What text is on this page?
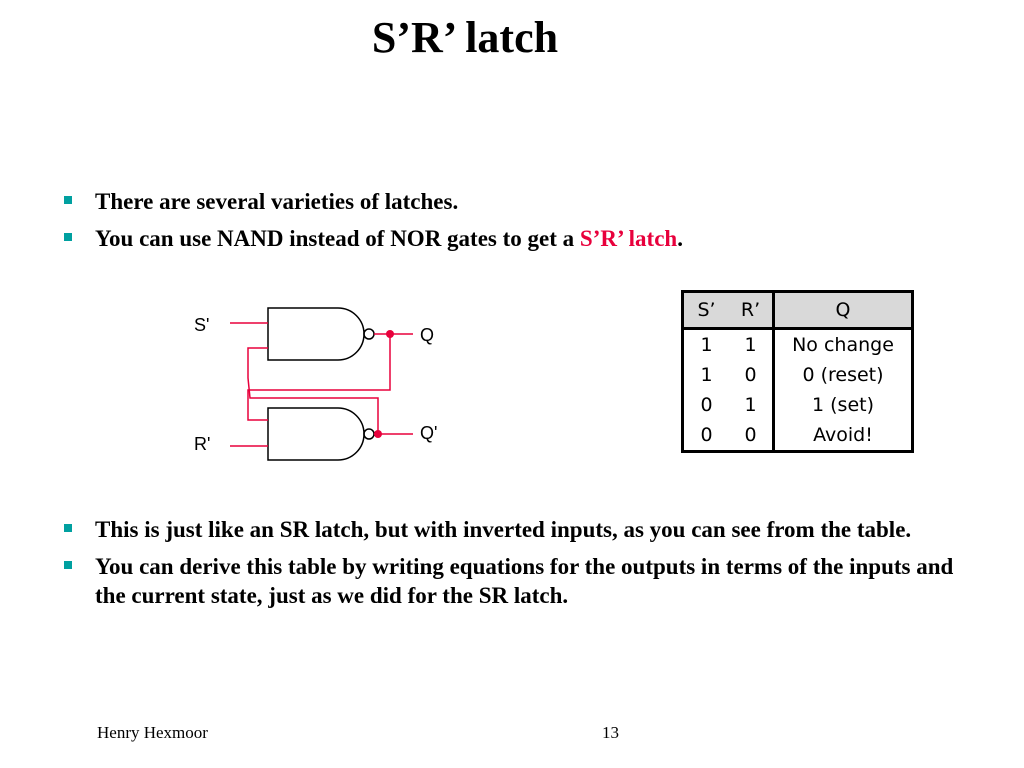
S’R’ latch
There are several varieties of latches.
You can use NAND instead of NOR gates to get a S’R’ latch.
S'
R'
Q
Q'
S’	R’	Q
1	1	No change
1	0	0 (reset)
0	1	1 (set)
0	0	Avoid!
This is just like an SR latch, but with inverted inputs, as you can see from the table.
You can derive this table by writing equations for the outputs in terms of the inputs and the current state, just as we did for the SR latch.
Henry Hexmoor	13
